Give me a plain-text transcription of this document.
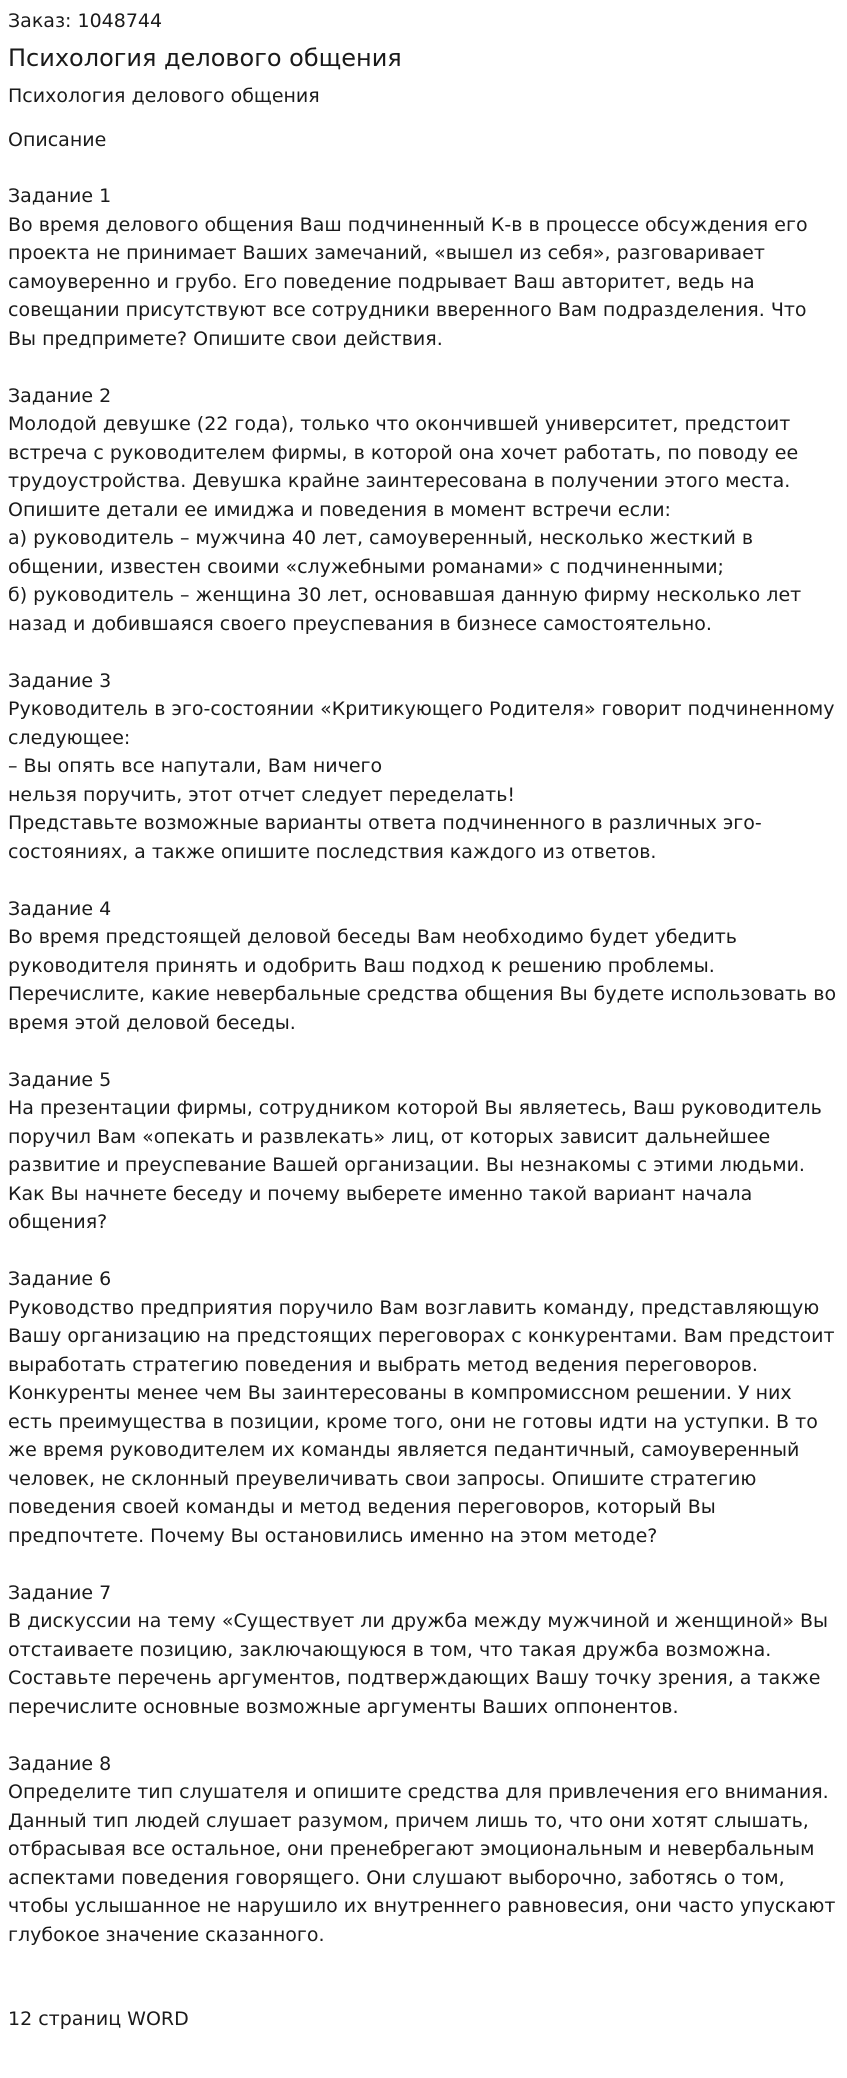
Заказ: 1048744
Психология делового общения
Психология делового общения
Описание
Задание 1
Во время делового общения Ваш подчиненный К-в в процессе обсуждения его
проекта не принимает Ваших замечаний, «вышел из себя», разговаривает
самоуверенно и грубо. Его поведение подрывает Ваш авторитет, ведь на
совещании присутствуют все сотрудники вверенного Вам подразделения. Что
Вы предпримете? Опишите свои действия.
Задание 2
Молодой девушке (22 года), только что окончившей университет, предстоит
встреча с руководителем фирмы, в которой она хочет работать, по поводу ее
трудоустройства. Девушка крайне заинтересована в получении этого места.
Опишите детали ее имиджа и поведения в момент встречи если:
а) руководитель – мужчина 40 лет, самоуверенный, несколько жесткий в
общении, известен своими «служебными романами» с подчиненными;
б) руководитель – женщина 30 лет, основавшая данную фирму несколько лет
назад и добившаяся своего преуспевания в бизнесе самостоятельно.
Задание 3
Руководитель в эго-состоянии «Критикующего Родителя» говорит подчиненному
следующее:
– Вы опять все напутали, Вам ничего
нельзя поручить, этот отчет следует переделать!
Представьте возможные варианты ответа подчиненного в различных эго-
состояниях, а также опишите последствия каждого из ответов.
Задание 4
Во время предстоящей деловой беседы Вам необходимо будет убедить
руководителя принять и одобрить Ваш подход к решению проблемы.
Перечислите, какие невербальные средства общения Вы будете использовать во
время этой деловой беседы.
Задание 5
На презентации фирмы, сотрудником которой Вы являетесь, Ваш руководитель
поручил Вам «опекать и развлекать» лиц, от которых зависит дальнейшее
развитие и преуспевание Вашей организации. Вы незнакомы с этими людьми.
Как Вы начнете беседу и почему выберете именно такой вариант начала
общения?
Задание 6
Руководство предприятия поручило Вам возглавить команду, представляющую
Вашу организацию на предстоящих переговорах с конкурентами. Вам предстоит
выработать стратегию поведения и выбрать метод ведения переговоров.
Конкуренты менее чем Вы заинтересованы в компромиссном решении. У них
есть преимущества в позиции, кроме того, они не готовы идти на уступки. В то
же время руководителем их команды является педантичный, самоуверенный
человек, не склонный преувеличивать свои запросы. Опишите стратегию
поведения своей команды и метод ведения переговоров, который Вы
предпочтете. Почему Вы остановились именно на этом методе?
Задание 7
В дискуссии на тему «Существует ли дружба между мужчиной и женщиной» Вы
отстаиваете позицию, заключающуюся в том, что такая дружба возможна.
Составьте перечень аргументов, подтверждающих Вашу точку зрения, а также
перечислите основные возможные аргументы Ваших оппонентов.
Задание 8
Определите тип слушателя и опишите средства для привлечения его внимания.
Данный тип людей слушает разумом, причем лишь то, что они хотят слышать,
отбрасывая все остальное, они пренебрегают эмоциональным и невербальным
аспектами поведения говорящего. Они слушают выборочно, заботясь о том,
чтобы услышанное не нарушило их внутреннего равновесия, они часто упускают
глубокое значение сказанного.
12 страниц WORD
